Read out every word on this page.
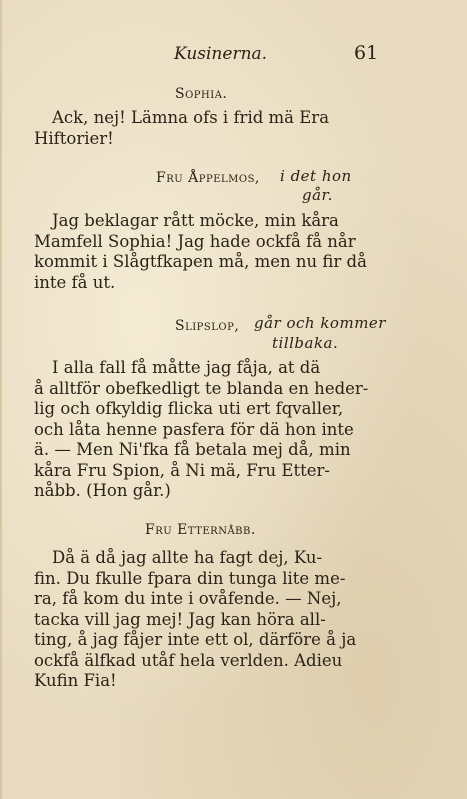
Kusinerna.	61
Sophia.
Ack, nej! Lämna ofs i frid mä Era
Hiftorier!
Fru Åppelmos, i det hon
går.
Jag beklagar rått möcke, min kåra
Mamfell Sophia! Jag hade ockfå få når
kommit i Slågtfkapen må, men nu fir då
inte få ut.
Slipslop, går och kommer
tillbaka.
I alla fall få måtte jag fåja, at dä
å alltför obefkedligt te blanda en heder-
lig och ofkyldig flicka uti ert fqvaller,
och låta henne pasfera för dä hon inte
ä. — Men Ni'fka få betala mej då, min
kåra Fru Spion, å Ni mä, Fru Etter-
nåbb. (Hon går.)
Fru Etternåbb.
Då ä då jag allte ha fagt dej, Ku-
fin. Du fkulle fpara din tunga lite me-
ra, få kom du inte i ovåfende. — Nej,
tacka vill jag mej! Jag kan höra all-
ting, å jag fåjer inte ett ol, därföre å ja
ockfå älfkad utåf hela verlden. Adieu
Kufin Fia!
